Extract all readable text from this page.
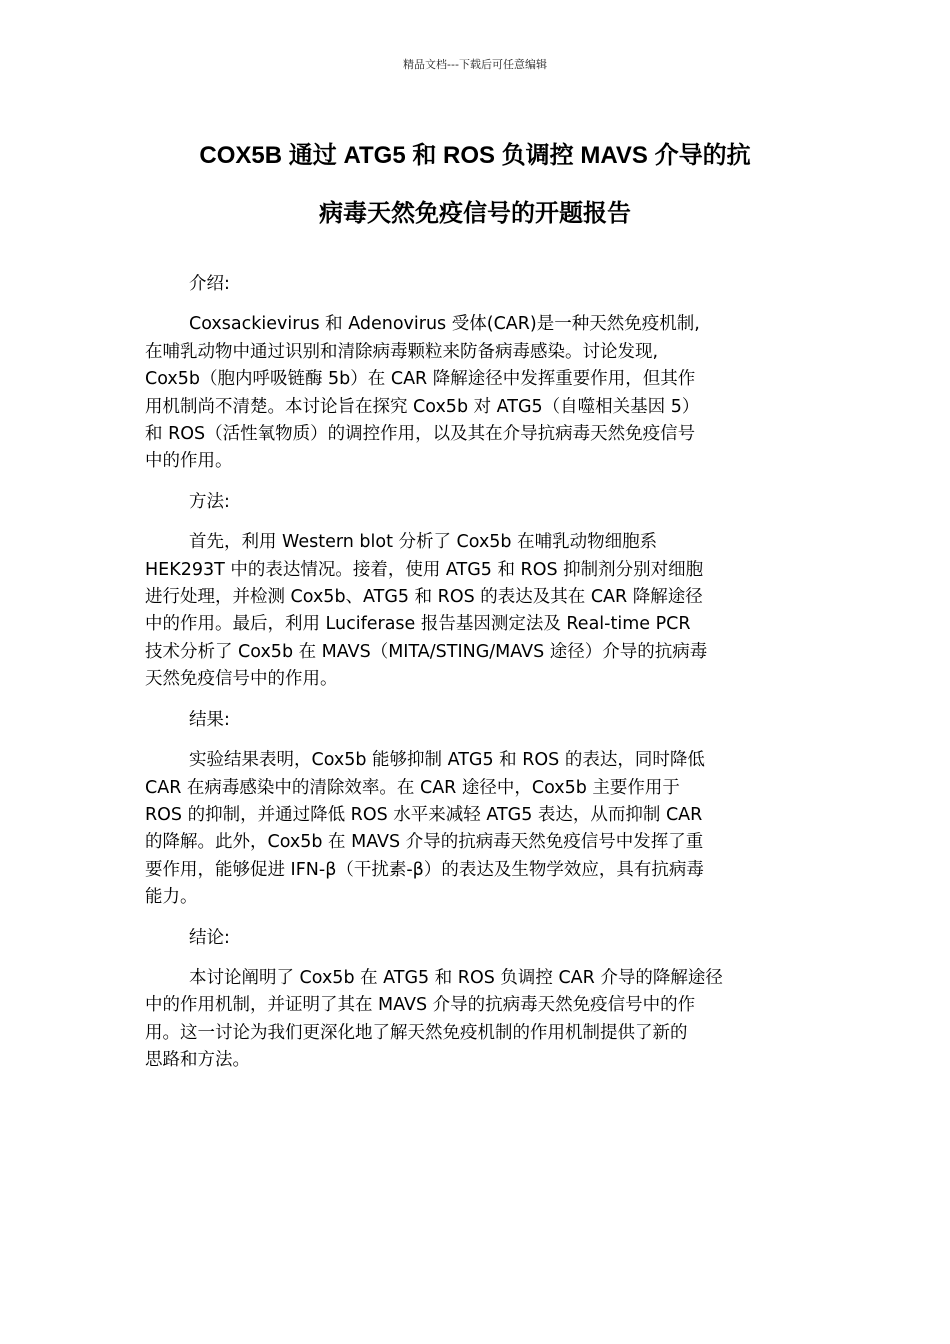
精品文档---下载后可任意编辑
COX5B 通过 ATG5 和 ROS 负调控 MAVS 介导的抗
病毒天然免疫信号的开题报告

介绍:

Coxsackievirus 和 Adenovirus 受体(CAR)是一种天然免疫机制,
在哺乳动物中通过识别和清除病毒颗粒来防备病毒感染。讨论发现,
Cox5b（胞内呼吸链酶 5b）在 CAR 降解途径中发挥重要作用，但其作
用机制尚不清楚。本讨论旨在探究 Cox5b 对 ATG5（自噬相关基因 5）
和 ROS（活性氧物质）的调控作用，以及其在介导抗病毒天然免疫信号
中的作用。

方法:

首先，利用 Western blot 分析了 Cox5b 在哺乳动物细胞系
HEK293T 中的表达情况。接着，使用 ATG5 和 ROS 抑制剂分别对细胞
进行处理，并检测 Cox5b、ATG5 和 ROS 的表达及其在 CAR 降解途径
中的作用。最后，利用 Luciferase 报告基因测定法及 Real-time PCR
技术分析了 Cox5b 在 MAVS（MITA/STING/MAVS 途径）介导的抗病毒
天然免疫信号中的作用。

结果:

实验结果表明，Cox5b 能够抑制 ATG5 和 ROS 的表达，同时降低
CAR 在病毒感染中的清除效率。在 CAR 途径中，Cox5b 主要作用于
ROS 的抑制，并通过降低 ROS 水平来减轻 ATG5 表达，从而抑制 CAR
的降解。此外，Cox5b 在 MAVS 介导的抗病毒天然免疫信号中发挥了重
要作用，能够促进 IFN-β（干扰素-β）的表达及生物学效应，具有抗病毒
能力。

结论:

本讨论阐明了 Cox5b 在 ATG5 和 ROS 负调控 CAR 介导的降解途径
中的作用机制，并证明了其在 MAVS 介导的抗病毒天然免疫信号中的作
用。这一讨论为我们更深化地了解天然免疫机制的作用机制提供了新的
思路和方法。
